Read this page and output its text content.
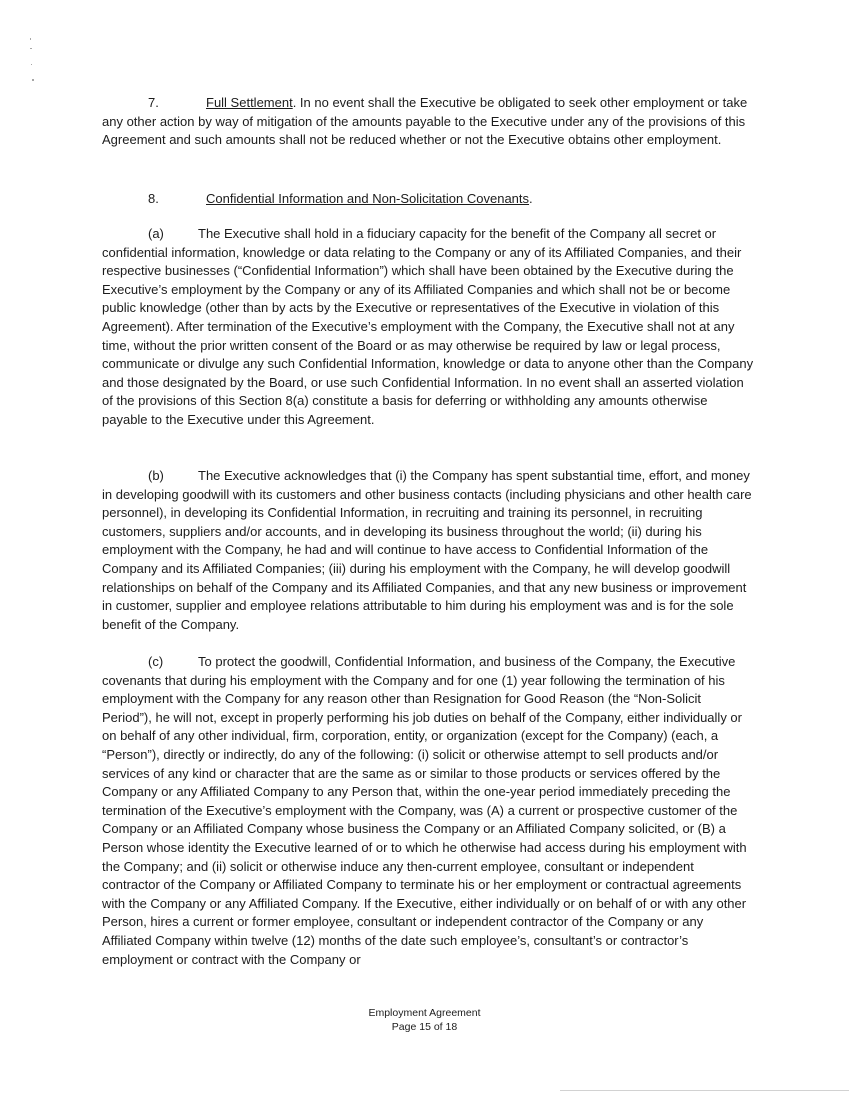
7.	Full Settlement. In no event shall the Executive be obligated to seek other employment or take any other action by way of mitigation of the amounts payable to the Executive under any of the provisions of this Agreement and such amounts shall not be reduced whether or not the Executive obtains other employment.

8.	Confidential Information and Non-Solicitation Covenants.

(a)	The Executive shall hold in a fiduciary capacity for the benefit of the Company all secret or confidential information, knowledge or data relating to the Company or any of its Affiliated Companies, and their respective businesses (“Confidential Information”) which shall have been obtained by the Executive during the Executive’s employment by the Company or any of its Affiliated Companies and which shall not be or become public knowledge (other than by acts by the Executive or representatives of the Executive in violation of this Agreement). After termination of the Executive’s employment with the Company, the Executive shall not at any time, without the prior written consent of the Board or as may otherwise be required by law or legal process, communicate or divulge any such Confidential Information, knowledge or data to anyone other than the Company and those designated by the Board, or use such Confidential Information. In no event shall an asserted violation of the provisions of this Section 8(a) constitute a basis for deferring or withholding any amounts otherwise payable to the Executive under this Agreement.

(b)	The Executive acknowledges that (i) the Company has spent substantial time, effort, and money in developing goodwill with its customers and other business contacts (including physicians and other health care personnel), in developing its Confidential Information, in recruiting and training its personnel, in recruiting customers, suppliers and/or accounts, and in developing its business throughout the world; (ii) during his employment with the Company, he had and will continue to have access to Confidential Information of the Company and its Affiliated Companies; (iii) during his employment with the Company, he will develop goodwill relationships on behalf of the Company and its Affiliated Companies, and that any new business or improvement in customer, supplier and employee relations attributable to him during his employment was and is for the sole benefit of the Company.

(c)	To protect the goodwill, Confidential Information, and business of the Company, the Executive covenants that during his employment with the Company and for one (1) year following the termination of his employment with the Company for any reason other than Resignation for Good Reason (the “Non-Solicit Period”), he will not, except in properly performing his job duties on behalf of the Company, either individually or on behalf of any other individual, firm, corporation, entity, or organization (except for the Company) (each, a “Person”), directly or indirectly, do any of the following: (i) solicit or otherwise attempt to sell products and/or services of any kind or character that are the same as or similar to those products or services offered by the Company or any Affiliated Company to any Person that, within the one-year period immediately preceding the termination of the Executive’s employment with the Company, was (A) a current or prospective customer of the Company or an Affiliated Company whose business the Company or an Affiliated Company solicited, or (B) a Person whose identity the Executive learned of or to which he otherwise had access during his employment with the Company; and (ii) solicit or otherwise induce any then-current employee, consultant or independent contractor of the Company or Affiliated Company to terminate his or her employment or contractual agreements with the Company or any Affiliated Company. If the Executive, either individually or on behalf of or with any other Person, hires a current or former employee, consultant or independent contractor of the Company or any Affiliated Company within twelve (12) months of the date such employee’s, consultant’s or contractor’s employment or contract with the Company or

Employment Agreement
Page 15 of 18
